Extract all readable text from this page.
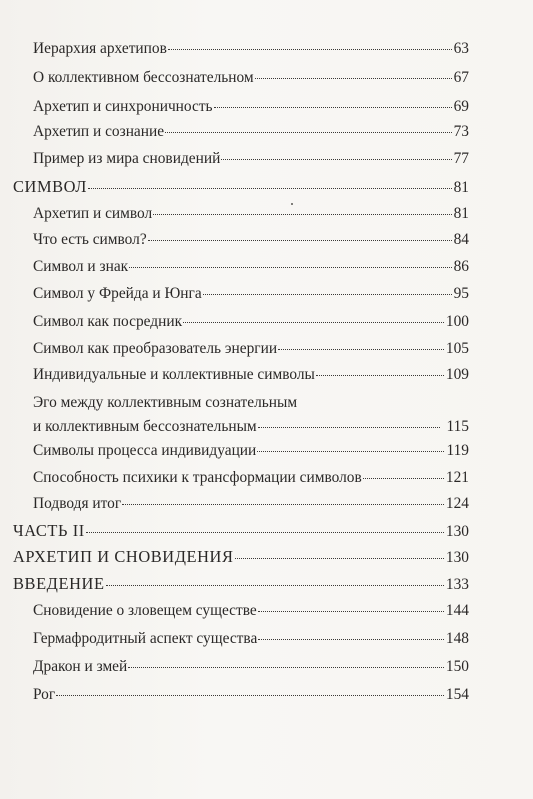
Иерархия архетипов	63
О коллективном бессознательном	67
Архетип и синхроничность	69
Архетип и сознание	73
Пример из мира сновидений	77
СИМВОЛ	81
Архетип и символ	81
Что есть символ?	84
Символ и знак	86
Символ у Фрейда и Юнга	95
Символ как посредник	100
Символ как преобразователь энергии	105
Индивидуальные и коллективные символы	109
Эго между коллективным сознательным
и коллективным бессознательным	115
Символы процесса индивидуации	119
Способность психики к трансформации символов	121
Подводя итог	124
ЧАСТЬ II	130
АРХЕТИП И СНОВИДЕНИЯ	130
ВВЕДЕНИЕ	133
Сновидение о зловещем существе	144
Гермафродитный аспект существа	148
Дракон и змей	150
Рог	154
